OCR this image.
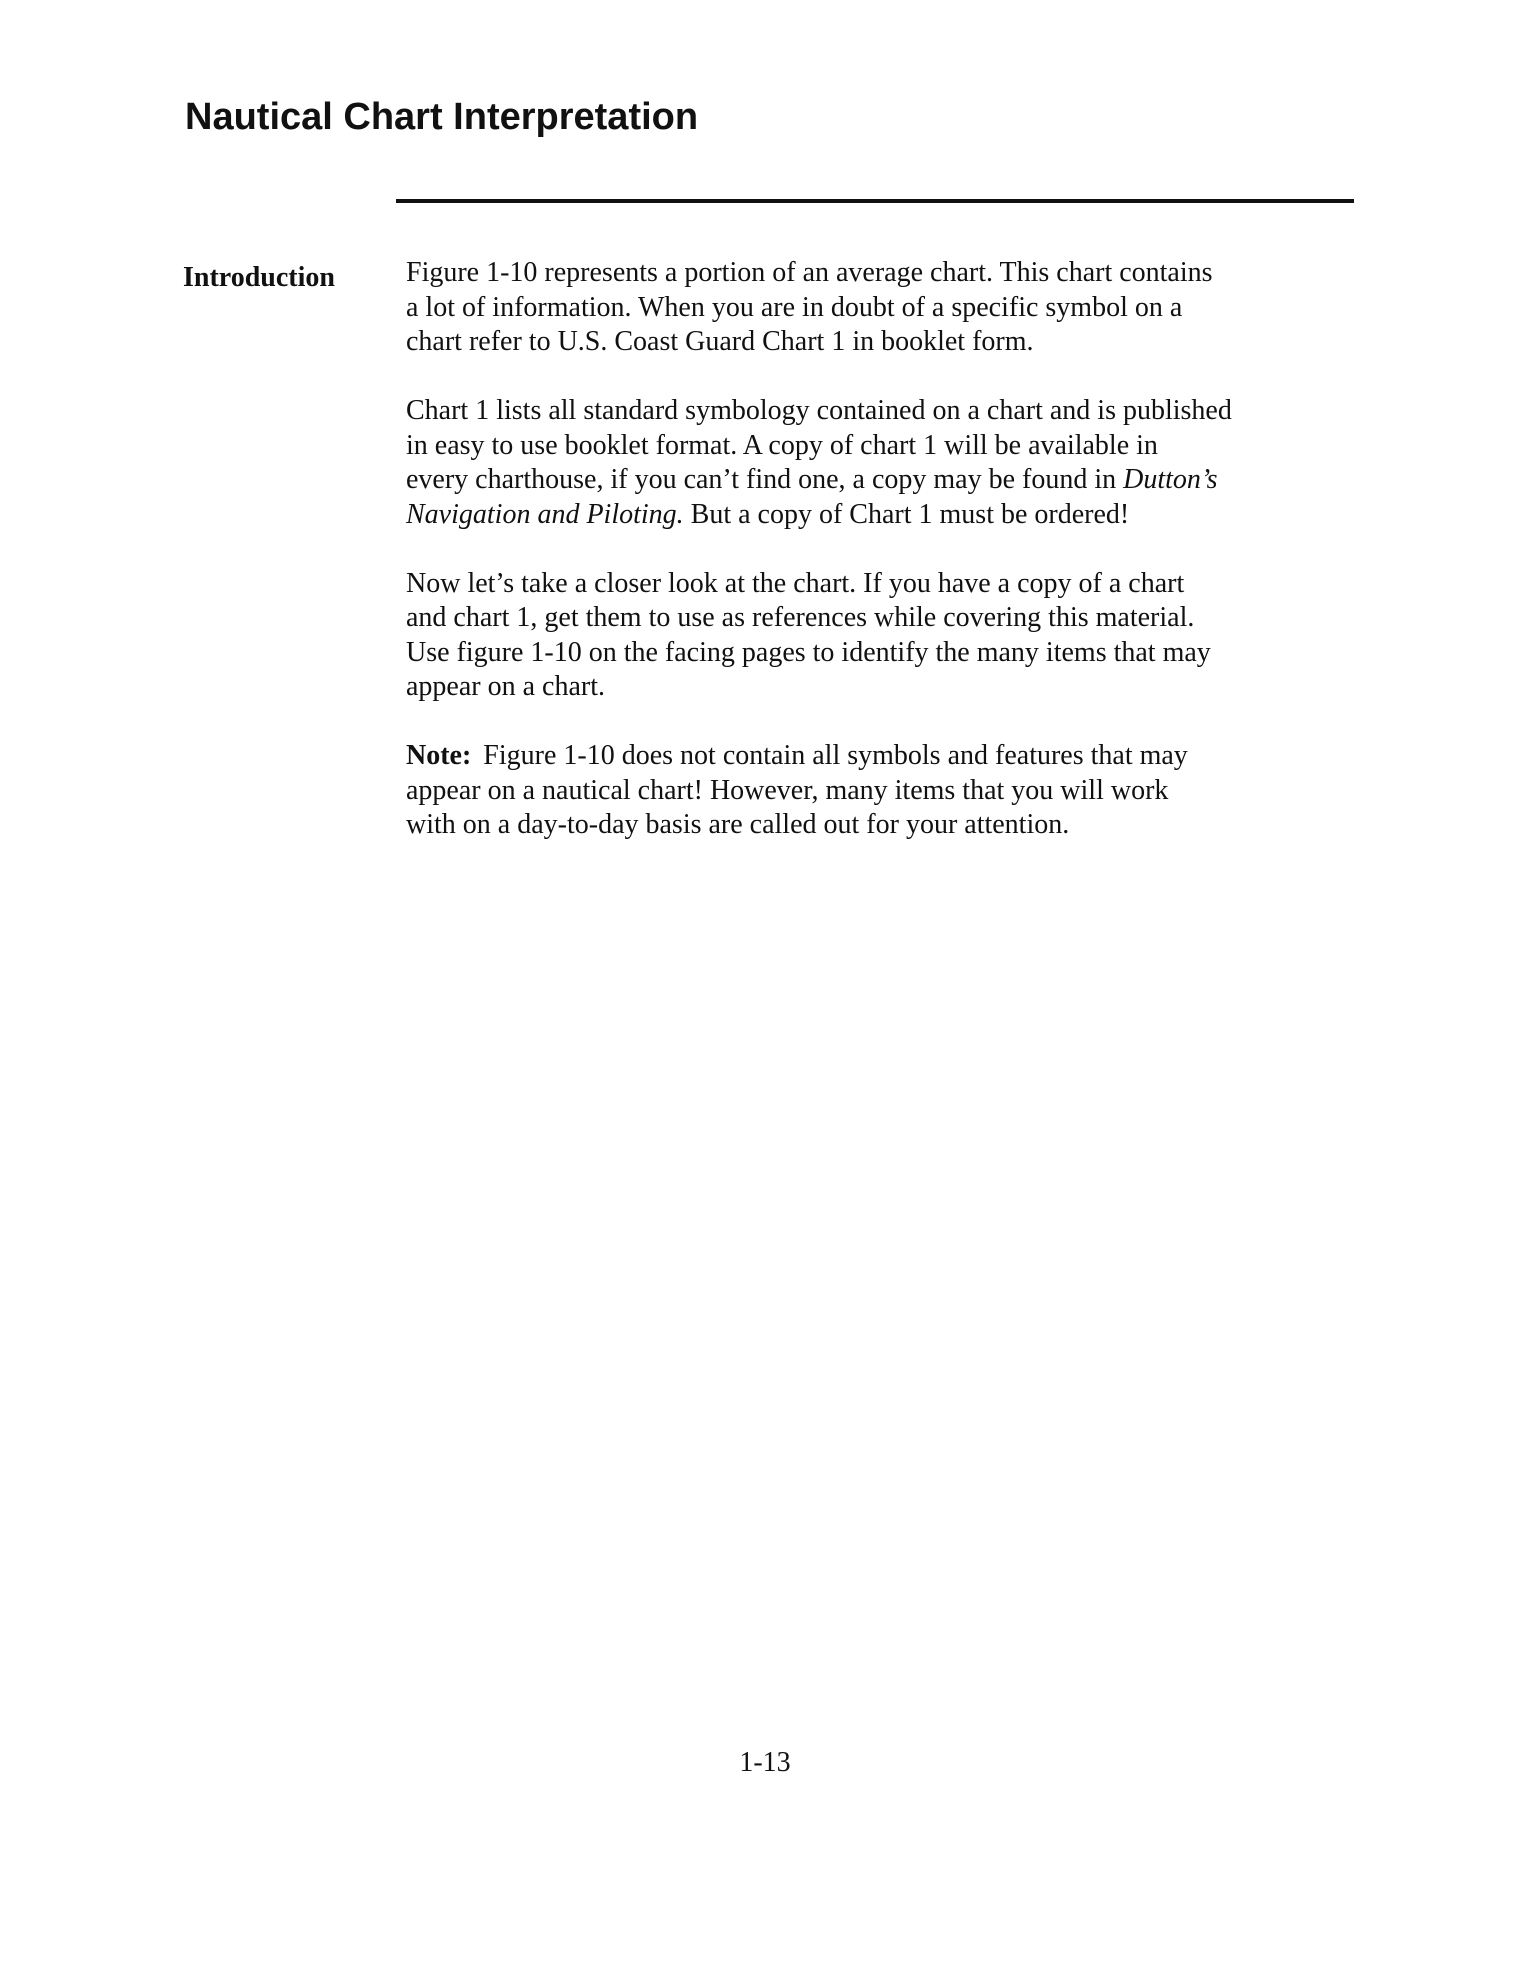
Nautical Chart Interpretation
Introduction	Figure 1-10 represents a portion of an average chart. This chart contains
a lot of information. When you are in doubt of a specific symbol on a
chart refer to U.S. Coast Guard Chart 1 in booklet form.

Chart 1 lists all standard symbology contained on a chart and is published
in easy to use booklet format. A copy of chart 1 will be available in
every charthouse, if you can’t find one, a copy may be found in Dutton’s
Navigation and Piloting. But a copy of Chart 1 must be ordered!

Now let’s take a closer look at the chart. If you have a copy of a chart
and chart 1, get them to use as references while covering this material.
Use figure 1-10 on the facing pages to identify the many items that may
appear on a chart.

Note: Figure 1-10 does not contain all symbols and features that may
appear on a nautical chart! However, many items that you will work
with on a day-to-day basis are called out for your attention.

1-13
